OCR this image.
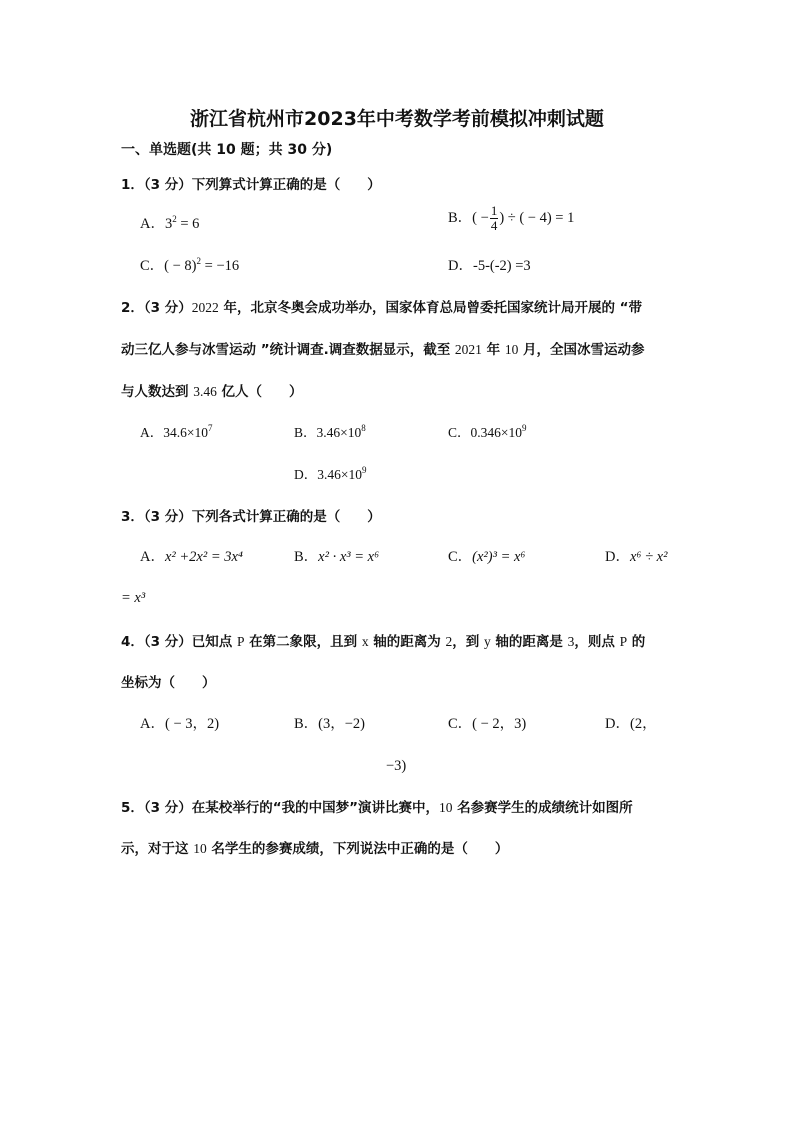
浙江省杭州市2023年中考数学考前模拟冲刺试题
一、单选题(共 10 题；共 30 分)
1．（3 分）下列算式计算正确的是（　　）
A．$3^2 = 6$	B．( − $\frac{1}{4}$ ) ÷ ( − 4) = 1
C．( − 8)$^2$ = −16	D．-5-(-2) =3
2．（3 分）2022 年，北京冬奥会成功举办，国家体育总局曾委托国家统计局开展的 “带
动三亿人参与冰雪运动 ”统计调查.调查数据显示，截至 2021 年 10 月，全国冰雪运动参
与人数达到 3.46 亿人（　　）
A．$34.6\times 10^7$	B．$3.46\times 10^8$	C．$0.346\times 10^9$
D．$3.46\times 10^9$
3．（3 分）下列各式计算正确的是（　　）
A．x² +2x² = 3x⁴	B．x² · x³ = x⁶	C．(x²)³ = x⁶	D．x⁶ ÷ x²
= x³
4．（3 分）已知点 P 在第二象限，且到 x 轴的距离为 2，到 y 轴的距离是 3，则点 P 的
坐标为（　　）
A．( − 3，2)	B．(3，−2)	C．( − 2，3)	D．(2，
−3)
5．（3 分）在某校举行的“我的中国梦”演讲比赛中，10 名参赛学生的成绩统计如图所
示，对于这 10 名学生的参赛成绩，下列说法中正确的是（　　）
